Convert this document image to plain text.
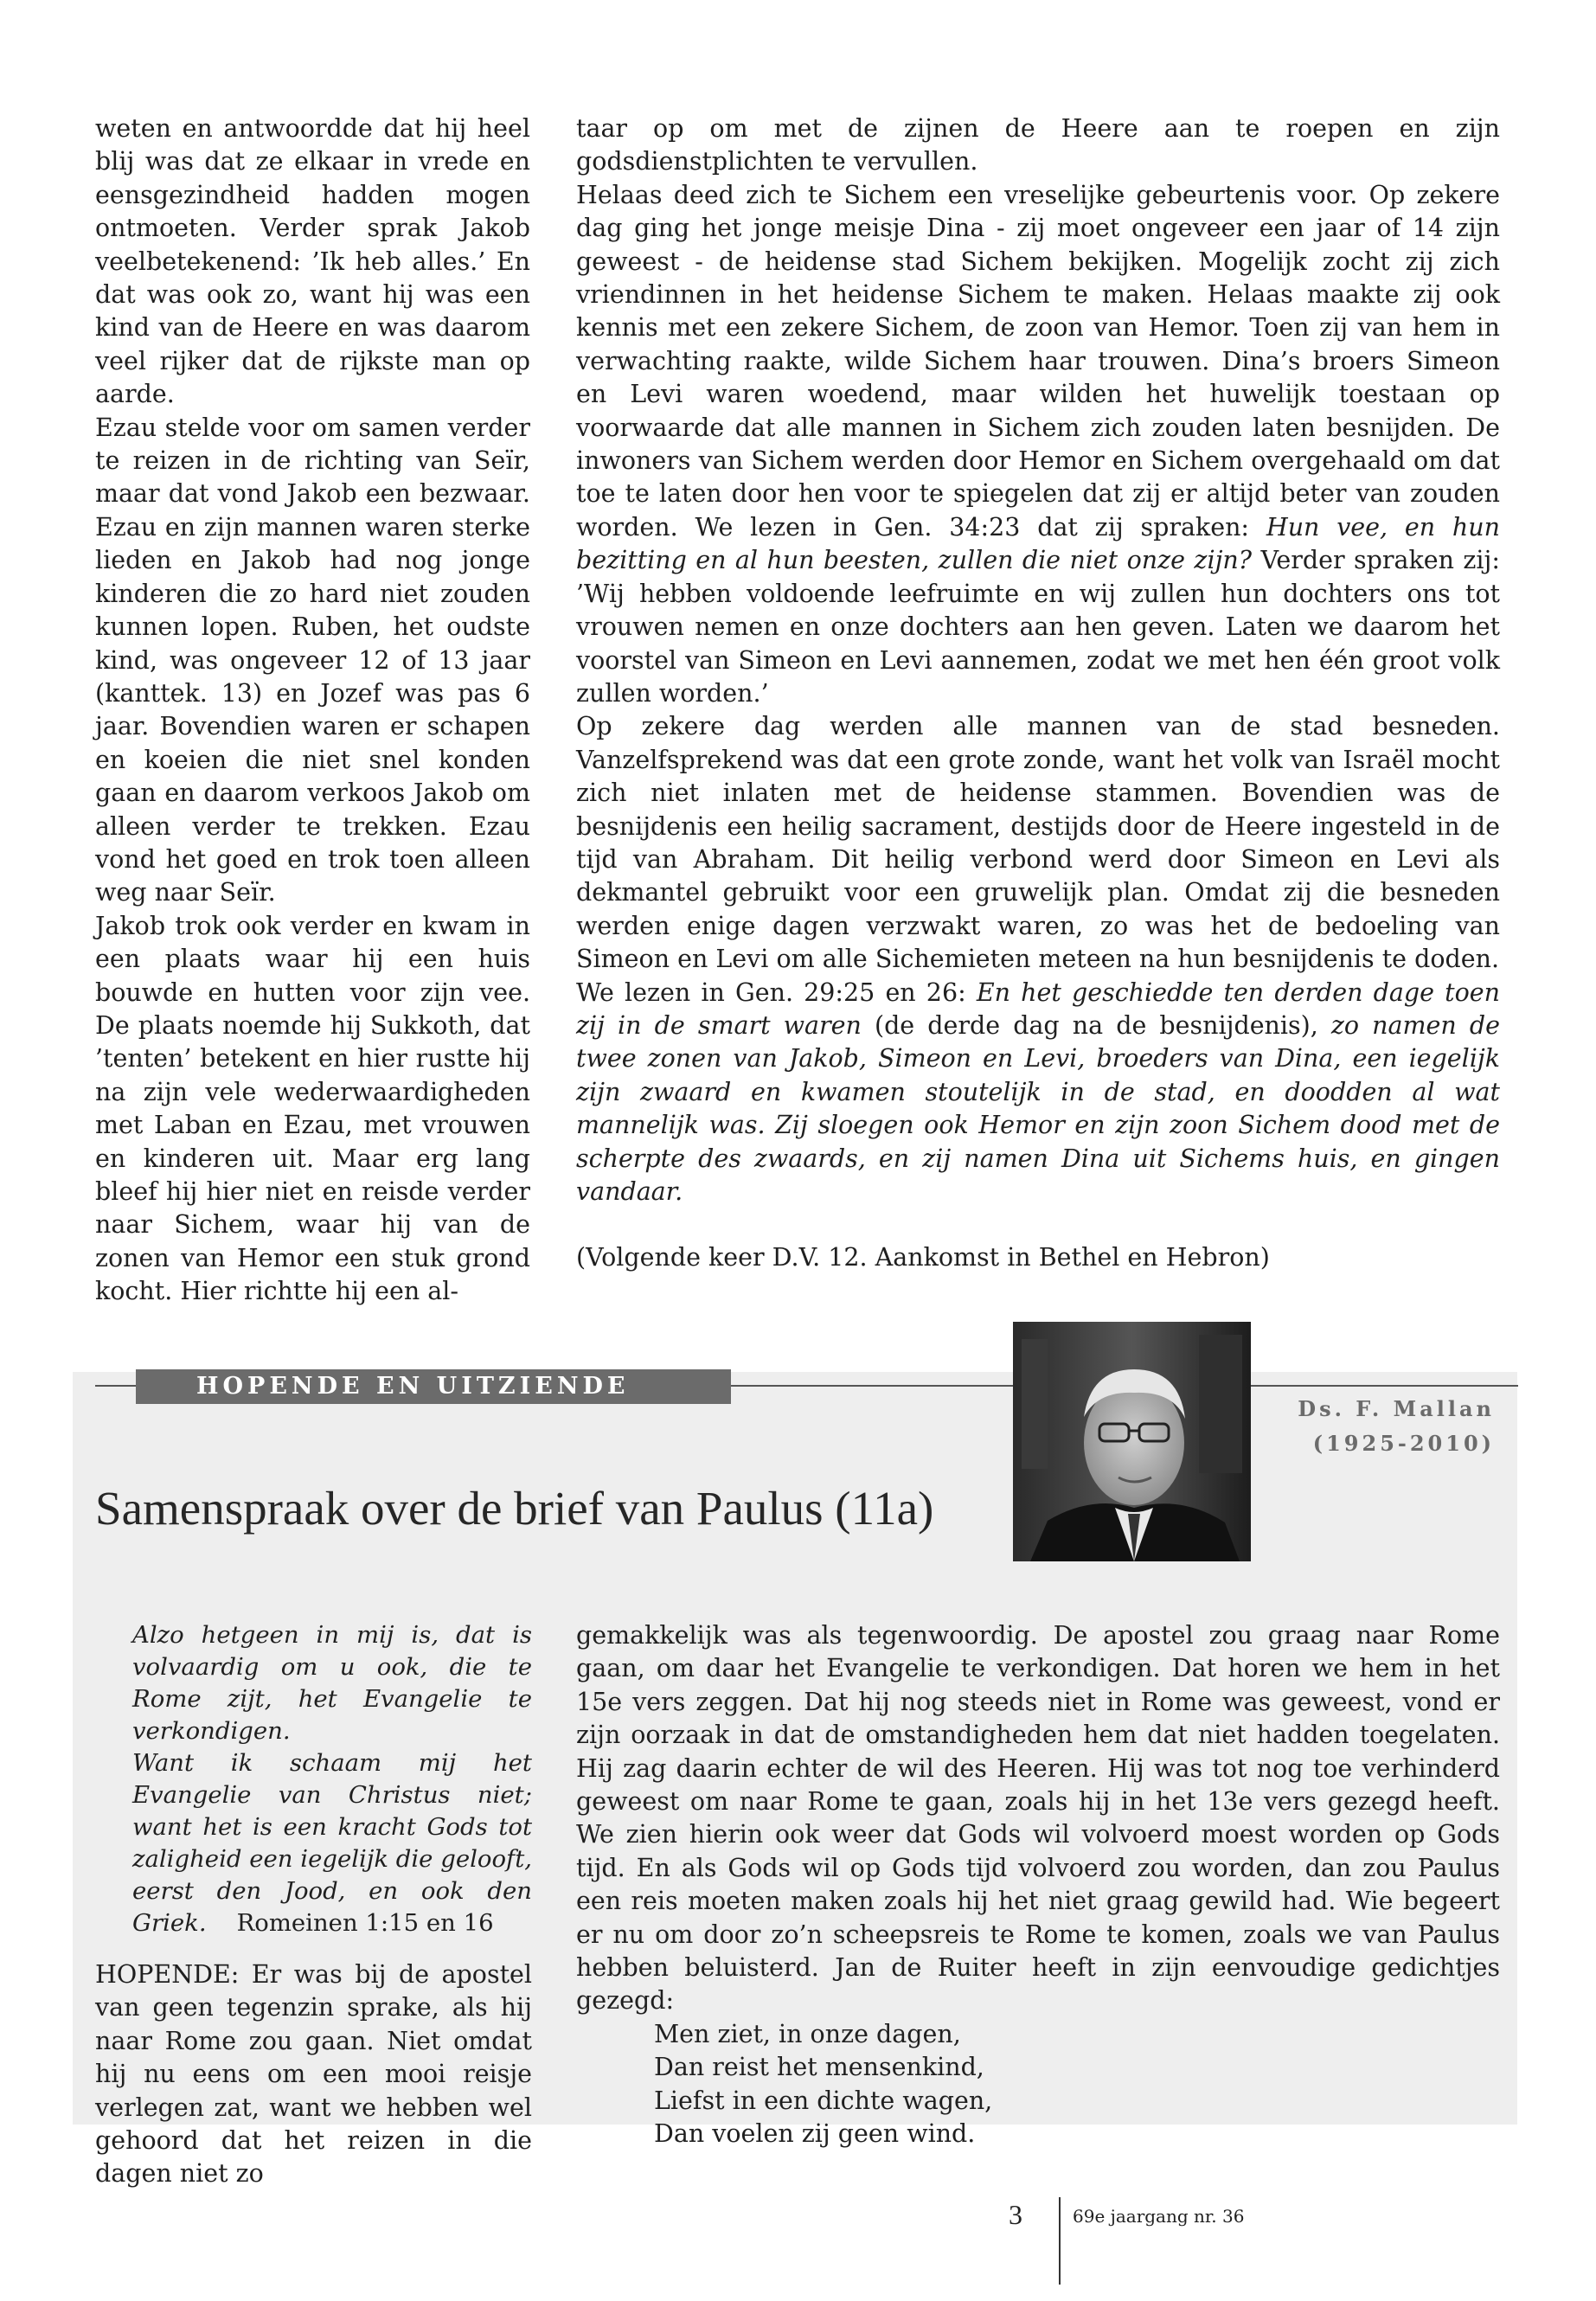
weten en antwoordde dat hij heel blij was dat ze elkaar in vrede en eensgezindheid hadden mogen ontmoeten. Verder sprak Jakob veelbetekenend: ’Ik heb alles.’ En dat was ook zo, want hij was een kind van de Heere en was daarom veel rijker dat de rijkste man op aarde.

Ezau stelde voor om samen verder te reizen in de richting van Seïr, maar dat vond Jakob een bezwaar. Ezau en zijn mannen waren sterke lieden en Jakob had nog jonge kinderen die zo hard niet zouden kunnen lopen. Ruben, het oudste kind, was ongeveer 12 of 13 jaar (kanttek. 13) en Jozef was pas 6 jaar. Bovendien waren er schapen en koeien die niet snel konden gaan en daarom verkoos Jakob om alleen verder te trekken. Ezau vond het goed en trok toen alleen weg naar Seïr.

Jakob trok ook verder en kwam in een plaats waar hij een huis bouwde en hutten voor zijn vee. De plaats noemde hij Sukkoth, dat ’tenten’ betekent en hier rustte hij na zijn vele wederwaardigheden met Laban en Ezau, met vrouwen en kinderen uit. Maar erg lang bleef hij hier niet en reisde verder naar Sichem, waar hij van de zonen van Hemor een stuk grond kocht. Hier richtte hij een al-

taar op om met de zijnen de Heere aan te roepen en zijn godsdienstplichten te vervullen.

Helaas deed zich te Sichem een vreselijke gebeurtenis voor. Op zekere dag ging het jonge meisje Dina - zij moet ongeveer een jaar of 14 zijn geweest - de heidense stad Sichem bekijken. Mogelijk zocht zij zich vriendinnen in het heidense Sichem te maken. Helaas maakte zij ook kennis met een zekere Sichem, de zoon van Hemor. Toen zij van hem in verwachting raakte, wilde Sichem haar trouwen. Dina’s broers Simeon en Levi waren woedend, maar wilden het huwelijk toestaan op voorwaarde dat alle mannen in Sichem zich zouden laten besnijden. De inwoners van Sichem werden door Hemor en Sichem overgehaald om dat toe te laten door hen voor te spiegelen dat zij er altijd beter van zouden worden. We lezen in Gen. 34:23 dat zij spraken: Hun vee, en hun bezitting en al hun beesten, zullen die niet onze zijn? Verder spraken zij: ’Wij hebben voldoende leefruimte en wij zullen hun dochters ons tot vrouwen nemen en onze dochters aan hen geven. Laten we daarom het voorstel van Simeon en Levi aannemen, zodat we met hen één groot volk zullen worden.’

Op zekere dag werden alle mannen van de stad besneden. Vanzelfsprekend was dat een grote zonde, want het volk van Israël mocht zich niet inlaten met de heidense stammen. Bovendien was de besnijdenis een heilig sacrament, destijds door de Heere ingesteld in de tijd van Abraham. Dit heilig verbond werd door Simeon en Levi als dekmantel gebruikt voor een gruwelijk plan. Omdat zij die besneden werden enige dagen verzwakt waren, zo was het de bedoeling van Simeon en Levi om alle Sichemieten meteen na hun besnijdenis te doden.

We lezen in Gen. 29:25 en 26: En het geschiedde ten derden dage toen zij in de smart waren (de derde dag na de besnijdenis), zo namen de twee zonen van Jakob, Simeon en Levi, broeders van Dina, een iegelijk zijn zwaard en kwamen stoutelijk in de stad, en doodden al wat mannelijk was. Zij sloegen ook Hemor en zijn zoon Sichem dood met de scherpte des zwaards, en zij namen Dina uit Sichems huis, en gingen vandaar.

(Volgende keer D.V. 12. Aankomst in Bethel en Hebron)

HOPENDE EN UITZIENDE
Ds. F. Mallan
(1925-2010)
Samenspraak over de brief van Paulus (11a)

Alzo hetgeen in mij is, dat is volvaardig om u ook, die te Rome zijt, het Evangelie te verkondigen.

Want ik schaam mij het Evangelie van Christus niet; want het is een kracht Gods tot zaligheid een iegelijk die gelooft, eerst den Jood, en ook den Griek. Romeinen 1:15 en 16

HOPENDE: Er was bij de apostel van geen tegenzin sprake, als hij naar Rome zou gaan. Niet omdat hij nu eens om een mooi reisje verlegen zat, want we hebben wel gehoord dat het reizen in die dagen niet zo

gemakkelijk was als tegenwoordig. De apostel zou graag naar Rome gaan, om daar het Evangelie te verkondigen. Dat horen we hem in het 15e vers zeggen. Dat hij nog steeds niet in Rome was geweest, vond er zijn oorzaak in dat de omstandigheden hem dat niet hadden toegelaten. Hij zag daarin echter de wil des Heeren. Hij was tot nog toe verhinderd geweest om naar Rome te gaan, zoals hij in het 13e vers gezegd heeft. We zien hierin ook weer dat Gods wil volvoerd moest worden op Gods tijd. En als Gods wil op Gods tijd volvoerd zou worden, dan zou Paulus een reis moeten maken zoals hij het niet graag gewild had. Wie begeert er nu om door zo’n scheepsreis te Rome te komen, zoals we van Paulus hebben beluisterd. Jan de Ruiter heeft in zijn eenvoudige gedichtjes gezegd:

Men ziet, in onze dagen,
Dan reist het mensenkind,
Liefst in een dichte wagen,
Dan voelen zij geen wind.
3	69e jaargang nr. 36
